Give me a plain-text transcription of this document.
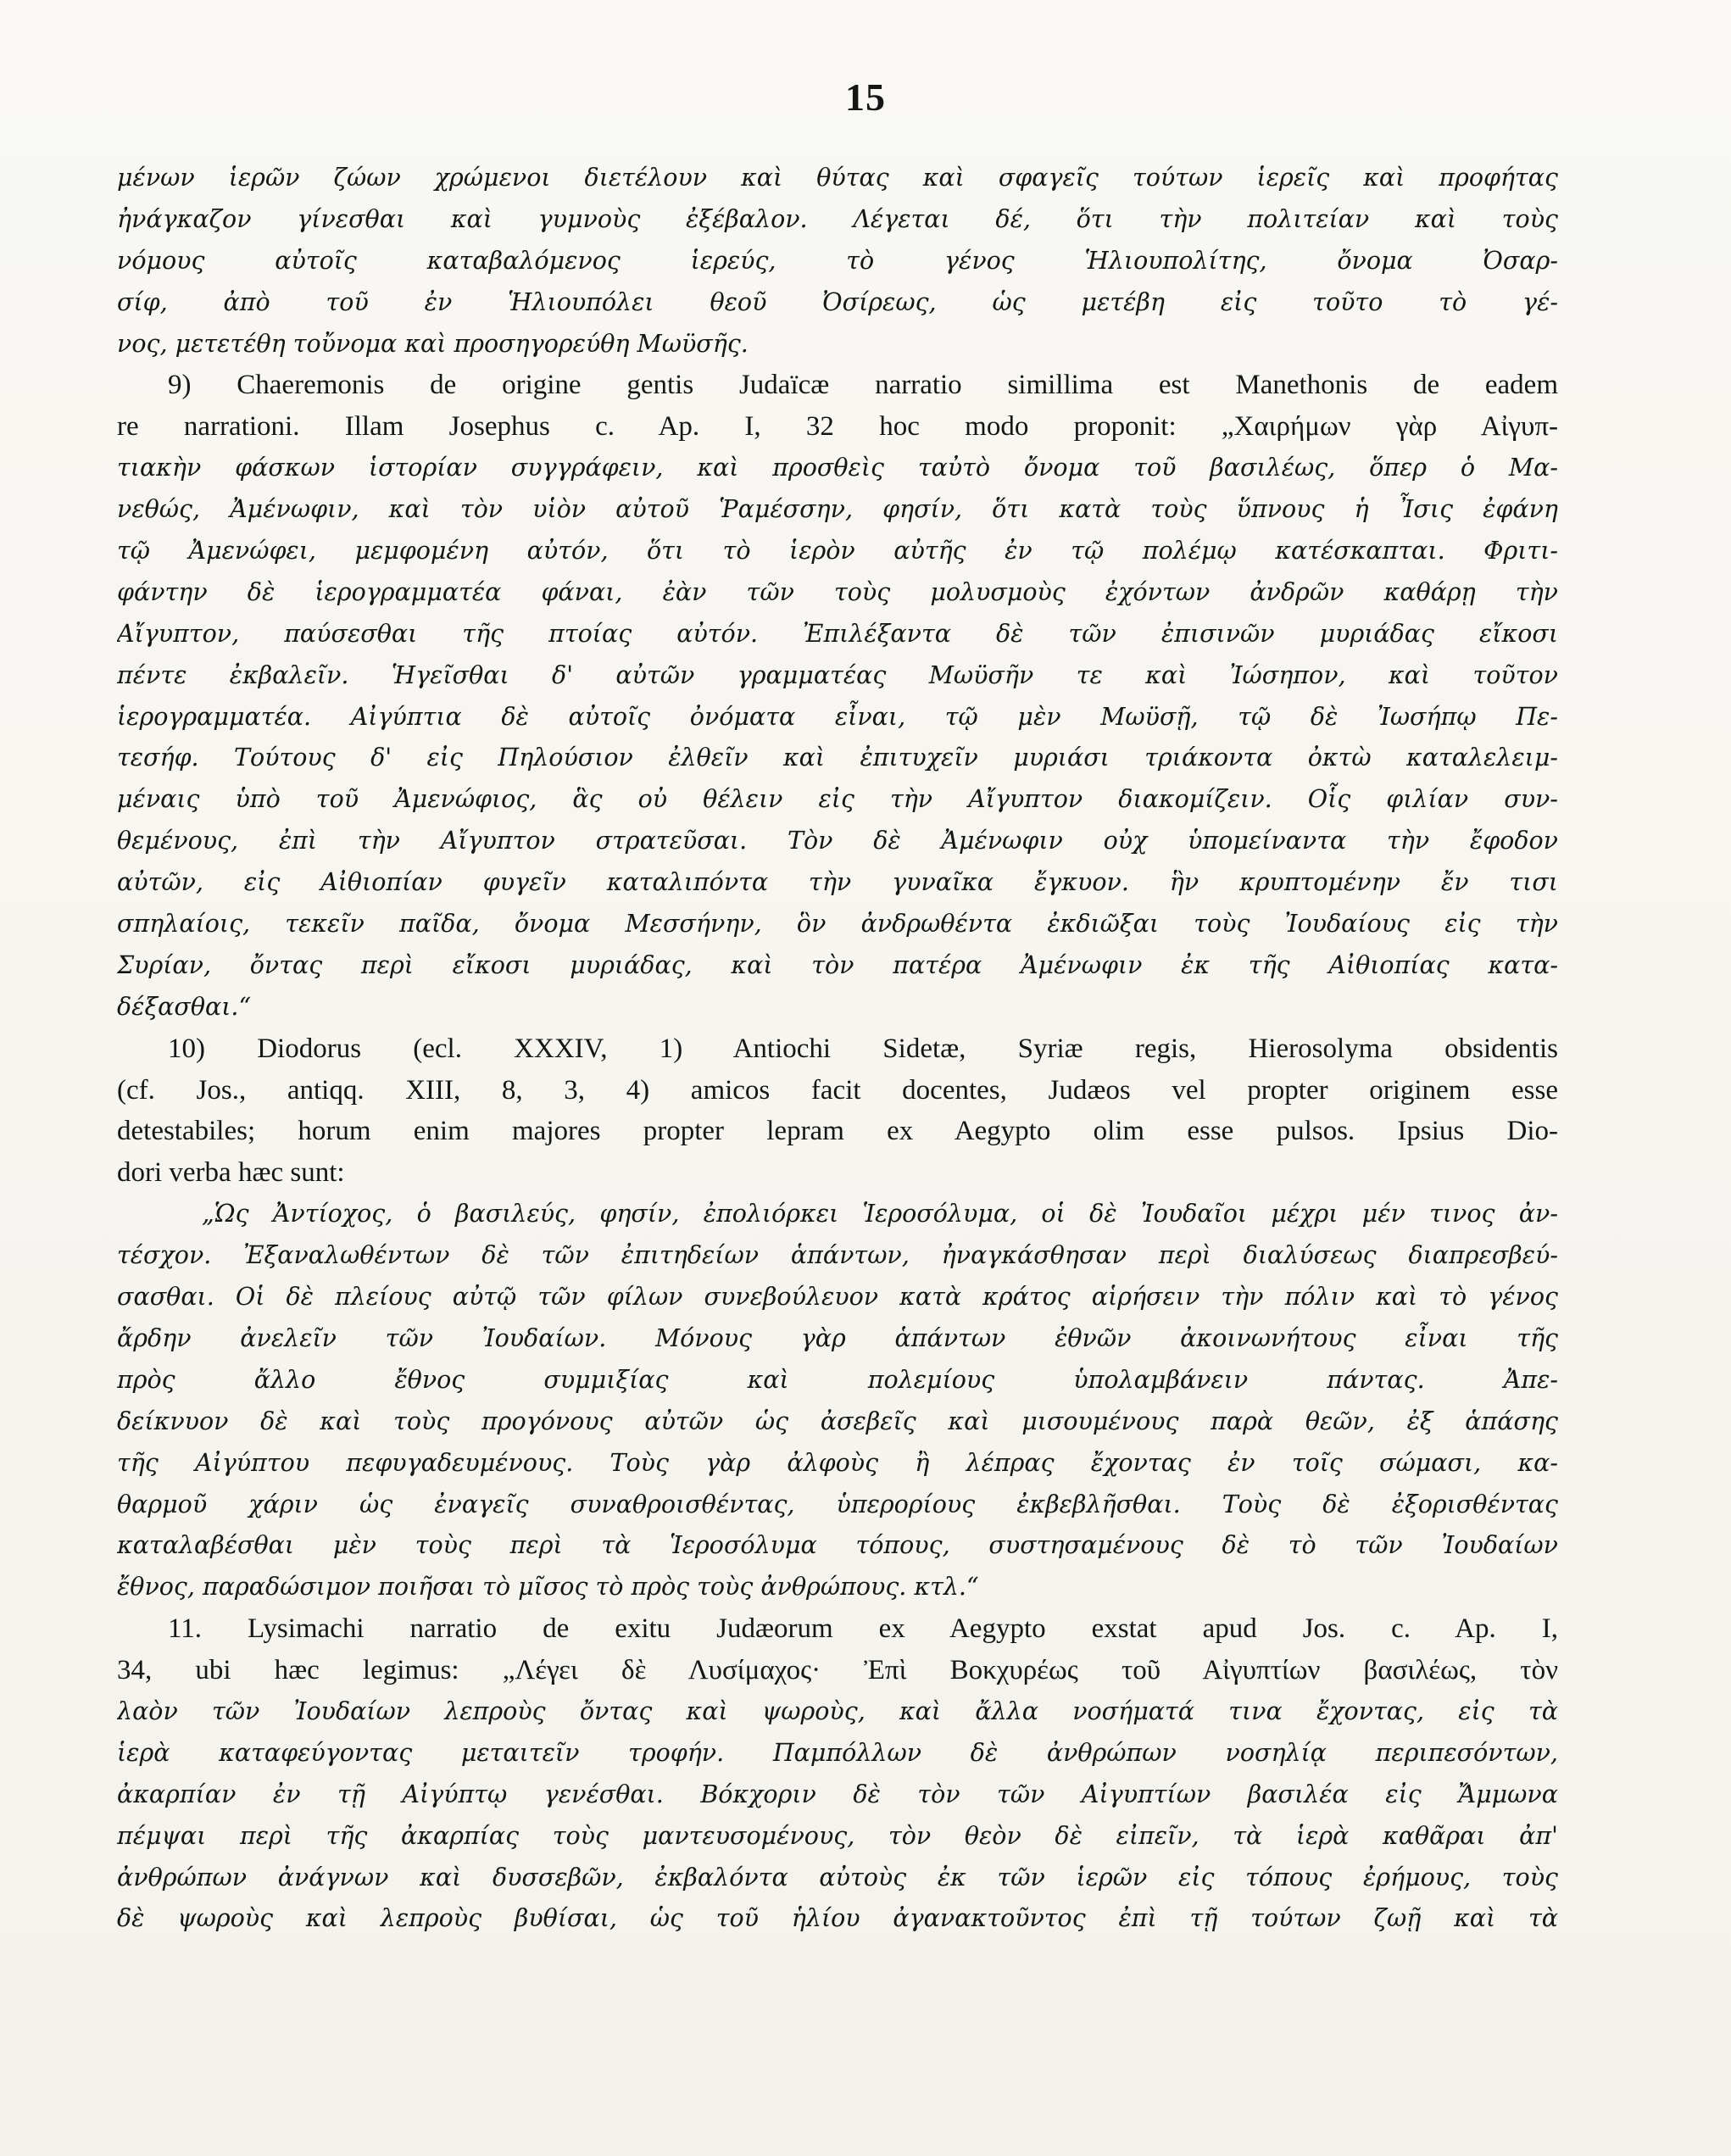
15
μένων ἱερῶν ζώων χρώμενοι διετέλουν καὶ θύτας καὶ σφαγεῖς τούτων ἱερεῖς καὶ προφήτας
ἠνάγκαζον γίνεσθαι καὶ γυμνοὺς ἐξέβαλον. Λέγεται δέ, ὅτι τὴν πολιτείαν καὶ τοὺς
νόμους αὐτοῖς καταβαλόμενος ἱερεύς, τὸ γένος Ἡλιουπολίτης, ὄνομα Ὀσαρ-
σίφ, ἀπὸ τοῦ ἐν Ἡλιουπόλει θεοῦ Ὀσίρεως, ὡς μετέβη εἰς τοῦτο τὸ γέ-
νος, μετετέθη τοὔνομα καὶ προσηγορεύθη Μωϋσῆς.
9) Chaeremonis de origine gentis Judaïcæ narratio simillima est Manethonis de eadem
re narrationi. Illam Josephus c. Ap. I, 32 hoc modo proponit: „Χαιρήμων γὰρ Αἰγυπ-
τιακὴν φάσκων ἱστορίαν συγγράφειν, καὶ προσθεὶς ταὐτὸ ὄνομα τοῦ βασιλέως, ὅπερ ὁ Μα-
νεθώς, Ἀμένωφιν, καὶ τὸν υἱὸν αὐτοῦ Ῥαμέσσην, φησίν, ὅτι κατὰ τοὺς ὕπνους ἡ Ἶσις ἐφάνη
τῷ Ἀμενώφει, μεμφομένη αὐτόν, ὅτι τὸ ἱερὸν αὐτῆς ἐν τῷ πολέμῳ κατέσκαπται. Φριτι-
φάντην δὲ ἱερογραμματέα φάναι, ἐὰν τῶν τοὺς μολυσμοὺς ἐχόντων ἀνδρῶν καθάρῃ τὴν
Αἴγυπτον, παύσεσθαι τῆς πτοίας αὐτόν. Ἐπιλέξαντα δὲ τῶν ἐπισινῶν μυριάδας εἴκοσι
πέντε ἐκβαλεῖν. Ἡγεῖσθαι δ' αὐτῶν γραμματέας Μωϋσῆν τε καὶ Ἰώσηπον, καὶ τοῦτον
ἱερογραμματέα. Αἰγύπτια δὲ αὐτοῖς ὀνόματα εἶναι, τῷ μὲν Μωϋσῇ, τῷ δὲ Ἰωσήπῳ Πε-
τεσήφ. Τούτους δ' εἰς Πηλούσιον ἐλθεῖν καὶ ἐπιτυχεῖν μυριάσι τριάκοντα ὀκτὼ καταλελειμ-
μέναις ὑπὸ τοῦ Ἀμενώφιος, ἃς οὐ θέλειν εἰς τὴν Αἴγυπτον διακομίζειν. Οἷς φιλίαν συν-
θεμένους, ἐπὶ τὴν Αἴγυπτον στρατεῦσαι. Τὸν δὲ Ἀμένωφιν οὐχ ὑπομείναντα τὴν ἔφοδον
αὐτῶν, εἰς Αἰθιοπίαν φυγεῖν καταλιπόντα τὴν γυναῖκα ἔγκυον. ἣν κρυπτομένην ἔν τισι
σπηλαίοις, τεκεῖν παῖδα, ὄνομα Μεσσήνην, ὃν ἀνδρωθέντα ἐκδιῶξαι τοὺς Ἰουδαίους εἰς τὴν
Συρίαν, ὄντας περὶ εἴκοσι μυριάδας, καὶ τὸν πατέρα Ἀμένωφιν ἐκ τῆς Αἰθιοπίας κατα-
δέξασθαι.“
10) Diodorus (ecl. XXXIV, 1) Antiochi Sidetæ, Syriæ regis, Hierosolyma obsidentis
(cf. Jos., antiqq. XIII, 8, 3, 4) amicos facit docentes, Judæos vel propter originem esse
detestabiles; horum enim majores propter lepram ex Aegypto olim esse pulsos. Ipsius Dio-
dori verba hæc sunt:
„Ὡς Ἀντίοχος, ὁ βασιλεύς, φησίν, ἐπολιόρκει Ἱεροσόλυμα, οἱ δὲ Ἰουδαῖοι μέχρι μέν τινος ἀν-
τέσχον. Ἐξαναλωθέντων δὲ τῶν ἐπιτηδείων ἁπάντων, ἠναγκάσθησαν περὶ διαλύσεως διαπρεσβεύ-
σασθαι. Οἱ δὲ πλείους αὐτῷ τῶν φίλων συνεβούλευον κατὰ κράτος αἱρήσειν τὴν πόλιν καὶ τὸ γένος
ἄρδην ἀνελεῖν τῶν Ἰουδαίων. Μόνους γὰρ ἁπάντων ἐθνῶν ἀκοινωνήτους εἶναι τῆς
πρὸς ἄλλο ἔθνος συμμιξίας καὶ πολεμίους ὑπολαμβάνειν πάντας. Ἀπε-
δείκνυον δὲ καὶ τοὺς προγόνους αὐτῶν ὡς ἀσεβεῖς καὶ μισουμένους παρὰ θεῶν, ἐξ ἁπάσης
τῆς Αἰγύπτου πεφυγαδευμένους. Τοὺς γὰρ ἀλφοὺς ἢ λέπρας ἔχοντας ἐν τοῖς σώμασι, κα-
θαρμοῦ χάριν ὡς ἐναγεῖς συναθροισθέντας, ὑπερορίους ἐκβεβλῆσθαι. Τοὺς δὲ ἐξορισθέντας
καταλαβέσθαι μὲν τοὺς περὶ τὰ Ἱεροσόλυμα τόπους, συστησαμένους δὲ τὸ τῶν Ἰουδαίων
ἔθνος, παραδώσιμον ποιῆσαι τὸ μῖσος τὸ πρὸς τοὺς ἀνθρώπους. κτλ.“
11. Lysimachi narratio de exitu Judæorum ex Aegypto exstat apud Jos. c. Ap. I,
34, ubi hæc legimus: „Λέγει δὲ Λυσίμαχος· Ἐπὶ Βοκχυρέως τοῦ Αἰγυπτίων βασιλέως, τὸν
λαὸν τῶν Ἰουδαίων λεπροὺς ὄντας καὶ ψωροὺς, καὶ ἄλλα νοσήματά τινα ἔχοντας, εἰς τὰ
ἱερὰ καταφεύγοντας μεταιτεῖν τροφήν. Παμπόλλων δὲ ἀνθρώπων νοσηλίᾳ περιπεσόντων,
ἀκαρπίαν ἐν τῇ Αἰγύπτῳ γενέσθαι. Βόκχοριν δὲ τὸν τῶν Αἰγυπτίων βασιλέα εἰς Ἄμμωνα
πέμψαι περὶ τῆς ἀκαρπίας τοὺς μαντευσομένους, τὸν θεὸν δὲ εἰπεῖν, τὰ ἱερὰ καθᾶραι ἀπ'
ἀνθρώπων ἀνάγνων καὶ δυσσεβῶν, ἐκβαλόντα αὐτοὺς ἐκ τῶν ἱερῶν εἰς τόπους ἐρήμους, τοὺς
δὲ ψωροὺς καὶ λεπροὺς βυθίσαι, ὡς τοῦ ἡλίου ἀγανακτοῦντος ἐπὶ τῇ τούτων ζωῇ καὶ τὰ
